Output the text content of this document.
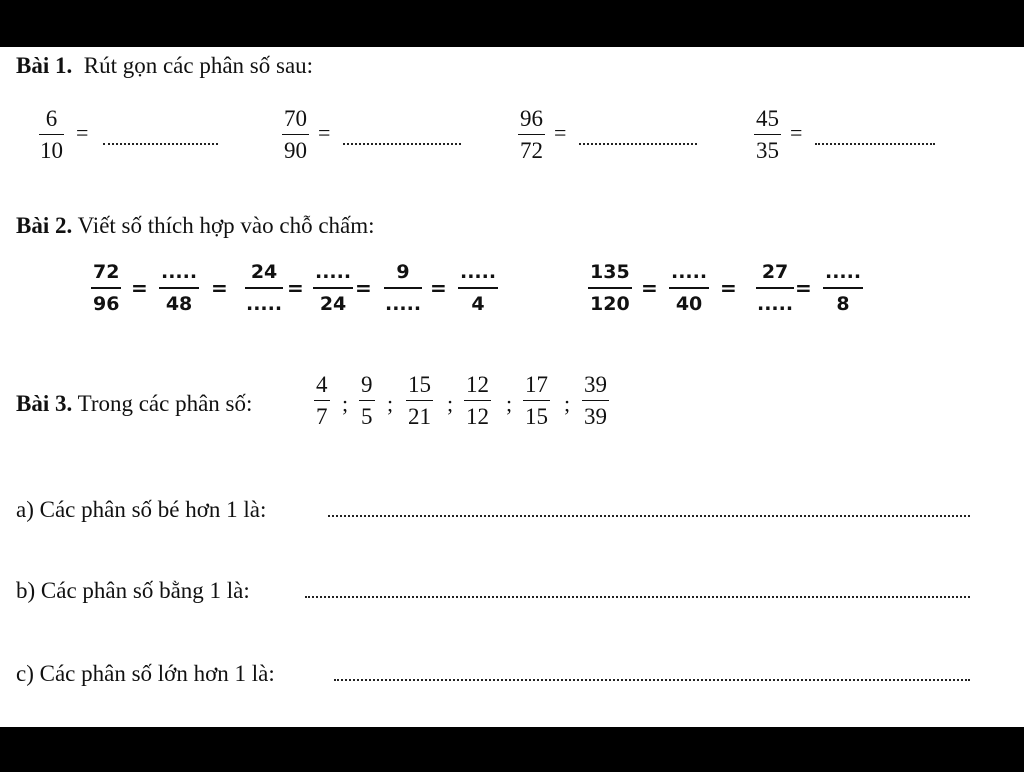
Bài 1. Rút gọn các phân số sau:
$\frac{6}{10}$ =	$\frac{70}{90}$ =	$\frac{96}{72}$ =	$\frac{45}{35}$ =
Bài 2. Viết số thích hợp vào chỗ chấm:
$\frac{72}{96}$ =
.....
48
=
24
.....
=
.....
24
=
9
.....
=
.....
4	$\frac{135}{120}$ =
.....
40
=
27
.....
=
.....
8
Bài 3. Trong các phân số:	$\frac{4}{7}$ ; $\frac{9}{5}$ ; $\frac{15}{21}$ ; $\frac{12}{12}$ ; $\frac{17}{15}$ ; $\frac{39}{39}$
a) Các phân số bé hơn 1 là:
b) Các phân số bằng 1 là:
c) Các phân số lớn hơn 1 là:
